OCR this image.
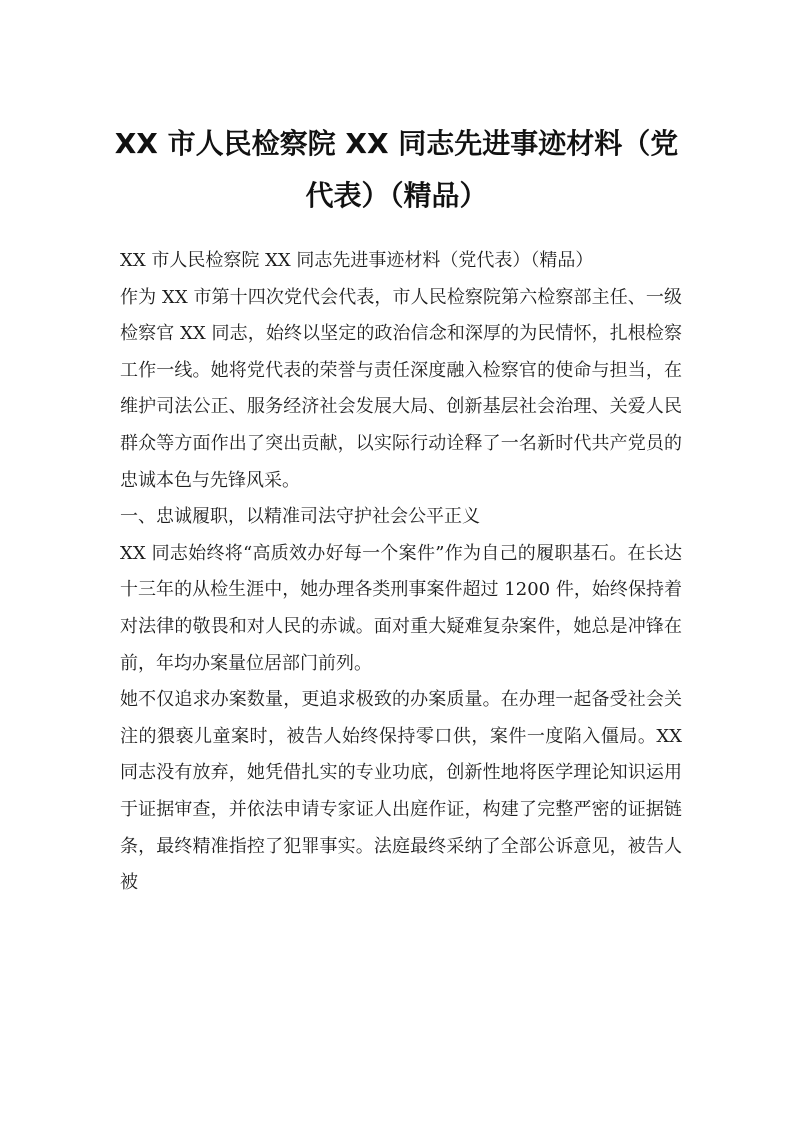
XX 市人民检察院 XX 同志先进事迹材料（党
代表）（精品）

XX 市人民检察院 XX 同志先进事迹材料（党代表）（精品）

作为 XX 市第十四次党代会代表，市人民检察院第六检察部主任、一级检察官 XX 同志，始终以坚定的政治信念和深厚的为民情怀，扎根检察工作一线。她将党代表的荣誉与责任深度融入检察官的使命与担当，在维护司法公正、服务经济社会发展大局、创新基层社会治理、关爱人民群众等方面作出了突出贡献，以实际行动诠释了一名新时代共产党员的忠诚本色与先锋风采。

一、忠诚履职，以精准司法守护社会公平正义

XX 同志始终将“高质效办好每一个案件”作为自己的履职基石。在长达十三年的从检生涯中，她办理各类刑事案件超过 1200 件，始终保持着对法律的敬畏和对人民的赤诚。面对重大疑难复杂案件，她总是冲锋在前，年均办案量位居部门前列。

她不仅追求办案数量，更追求极致的办案质量。在办理一起备受社会关注的猥亵儿童案时，被告人始终保持零口供，案件一度陷入僵局。XX 同志没有放弃，她凭借扎实的专业功底，创新性地将医学理论知识运用于证据审查，并依法申请专家证人出庭作证，构建了完整严密的证据链条，最终精准指控了犯罪事实。法庭最终采纳了全部公诉意见，被告人被
